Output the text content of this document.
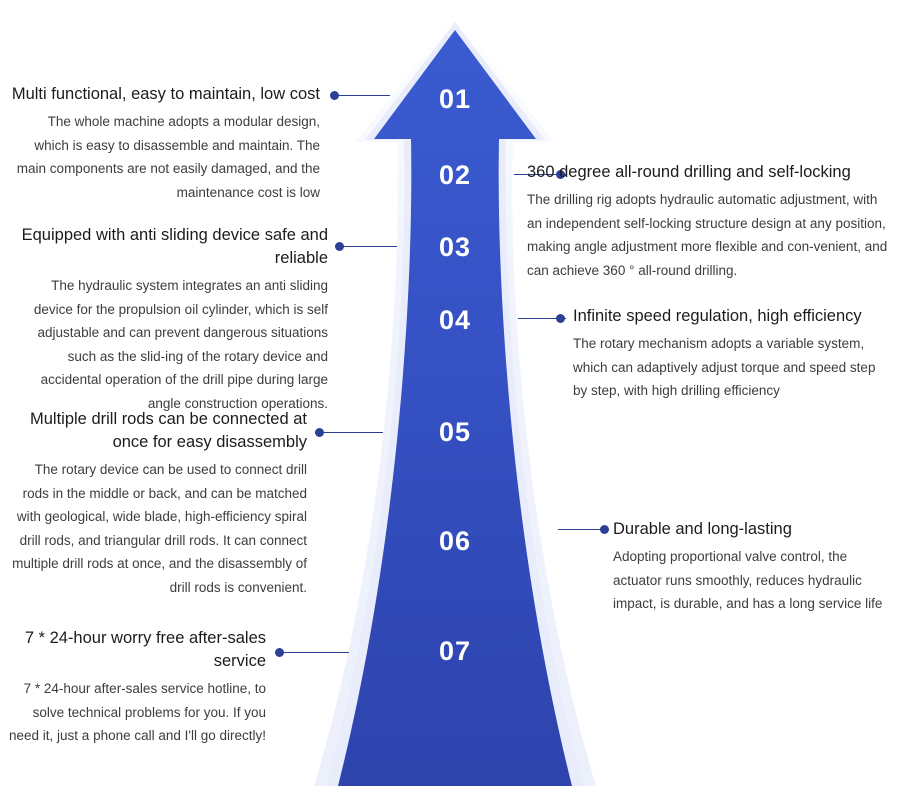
01
02
03
04
05
06
07
Multi functional, easy to maintain, low cost
The whole machine adopts a modular design, which is easy to disassemble and maintain. The main components are not easily damaged, and the maintenance cost is low
360 degree all-round drilling and self-locking
The drilling rig adopts hydraulic automatic adjustment, with an independent self-locking structure design at any position, making angle adjustment more flexible and con-venient, and can achieve 360 ° all-round drilling.
Equipped with anti sliding device safe and reliable
The hydraulic system integrates an anti sliding device for the propulsion oil cylinder, which is self adjustable and can prevent dangerous situations such as the slid-ing of the rotary device and accidental operation of the drill pipe during large angle construction operations.
Infinite speed regulation, high efficiency
The rotary mechanism adopts a variable system, which can adaptively adjust torque and speed step by step, with high drilling efficiency
Multiple drill rods can be connected at once for easy disassembly
The rotary device can be used to connect drill rods in the middle or back, and can be matched with geological, wide blade, high-efficiency spiral drill rods, and triangular drill rods. It can connect multiple drill rods at once, and the disassembly of drill rods is convenient.
Durable and long-lasting
Adopting proportional valve control, the actuator runs smoothly, reduces hydraulic impact, is durable, and has a long service life
7 * 24-hour worry free after-sales service
7 * 24-hour after-sales service hotline, to solve technical problems for you. If you need it, just a phone call and I'll go directly!
